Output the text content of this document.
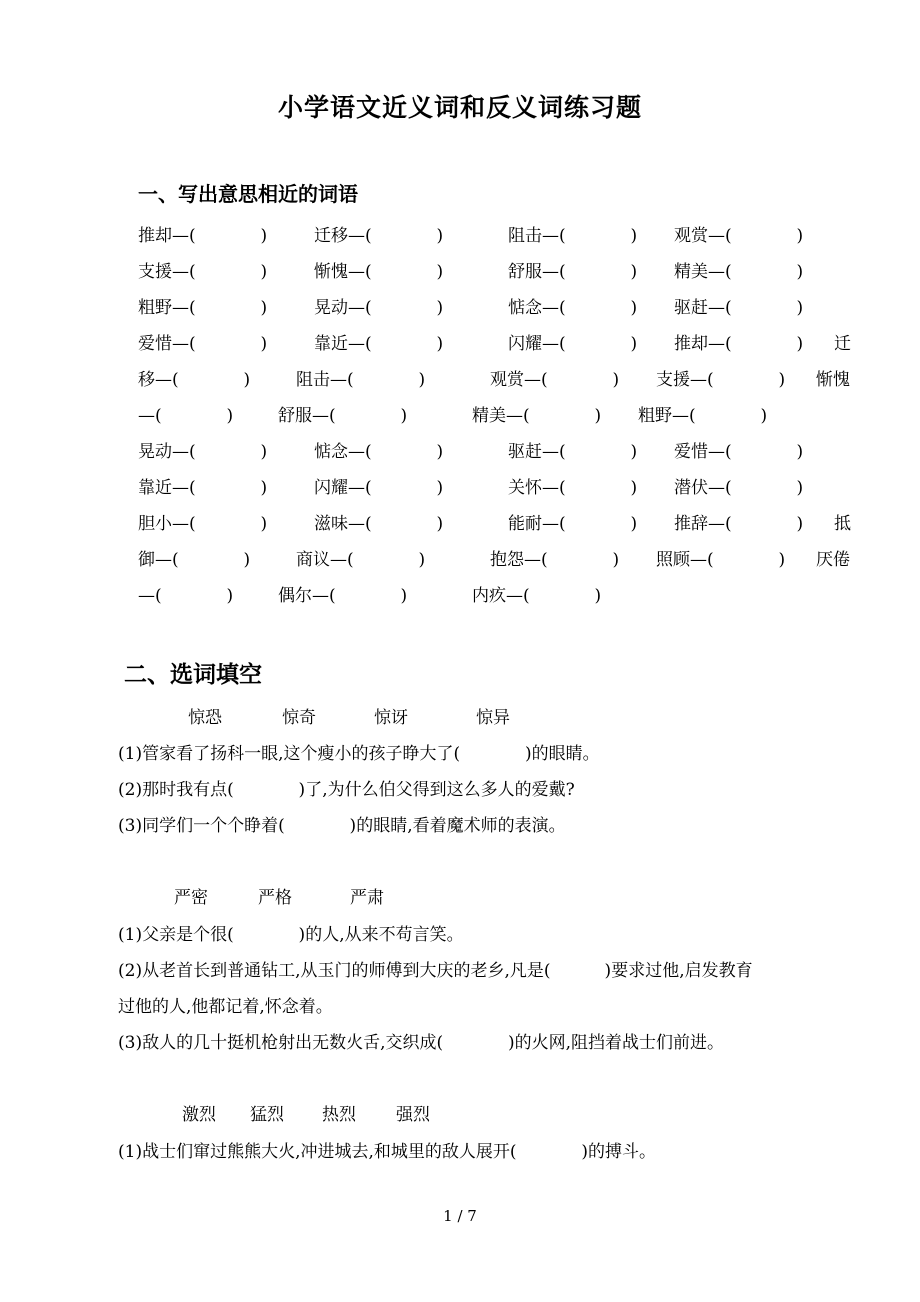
小学语文近义词和反义词练习题
一、写出意思相近的词语
推却—(            )	迁移—(            )	阻击—(            ) 观赏—(            )
支援—(            )	惭愧—(            )	舒服—(            ) 精美—(            )
粗野—(            )	晃动—(            )	惦念—(            ) 驱赶—(            )
爱惜—(            )	靠近—(            )	闪耀—(            ) 推却—(            ) 迁
移—(            )	阻击—(            )	观赏—(            ) 支援—(            ) 惭愧
—(            )	舒服—(            )	精美—(            ) 粗野—(            )
晃动—(            )	惦念—(            )	驱赶—(            ) 爱惜—(            )
靠近—(            )	闪耀—(            )	关怀—(            ) 潜伏—(            )
胆小—(            )	滋味—(            )	能耐—(            ) 推辞—(            ) 抵
御—(            )	商议—(            )	抱怨—(            ) 照顾—(            ) 厌倦
—(            )	偶尔—(            )	内疚—(            )
二、选词填空
惊恐	惊奇	惊讶	惊异
(1)管家看了扬科一眼,这个瘦小的孩子睁大了(            )的眼睛。
(2)那时我有点(            )了,为什么伯父得到这么多人的爱戴?
(3)同学们一个个睁着(            )的眼睛,看着魔术师的表演。
严密	严格	严肃
(1)父亲是个很(            )的人,从来不苟言笑。
(2)从老首长到普通钻工,从玉门的师傅到大庆的老乡,凡是(          )要求过他,启发教育
过他的人,他都记着,怀念着。
(3)敌人的几十挺机枪射出无数火舌,交织成(            )的火网,阻挡着战士们前进。
激烈 猛烈 热烈 强烈
(1)战士们窜过熊熊大火,冲进城去,和城里的敌人展开(            )的搏斗。
1 / 7
